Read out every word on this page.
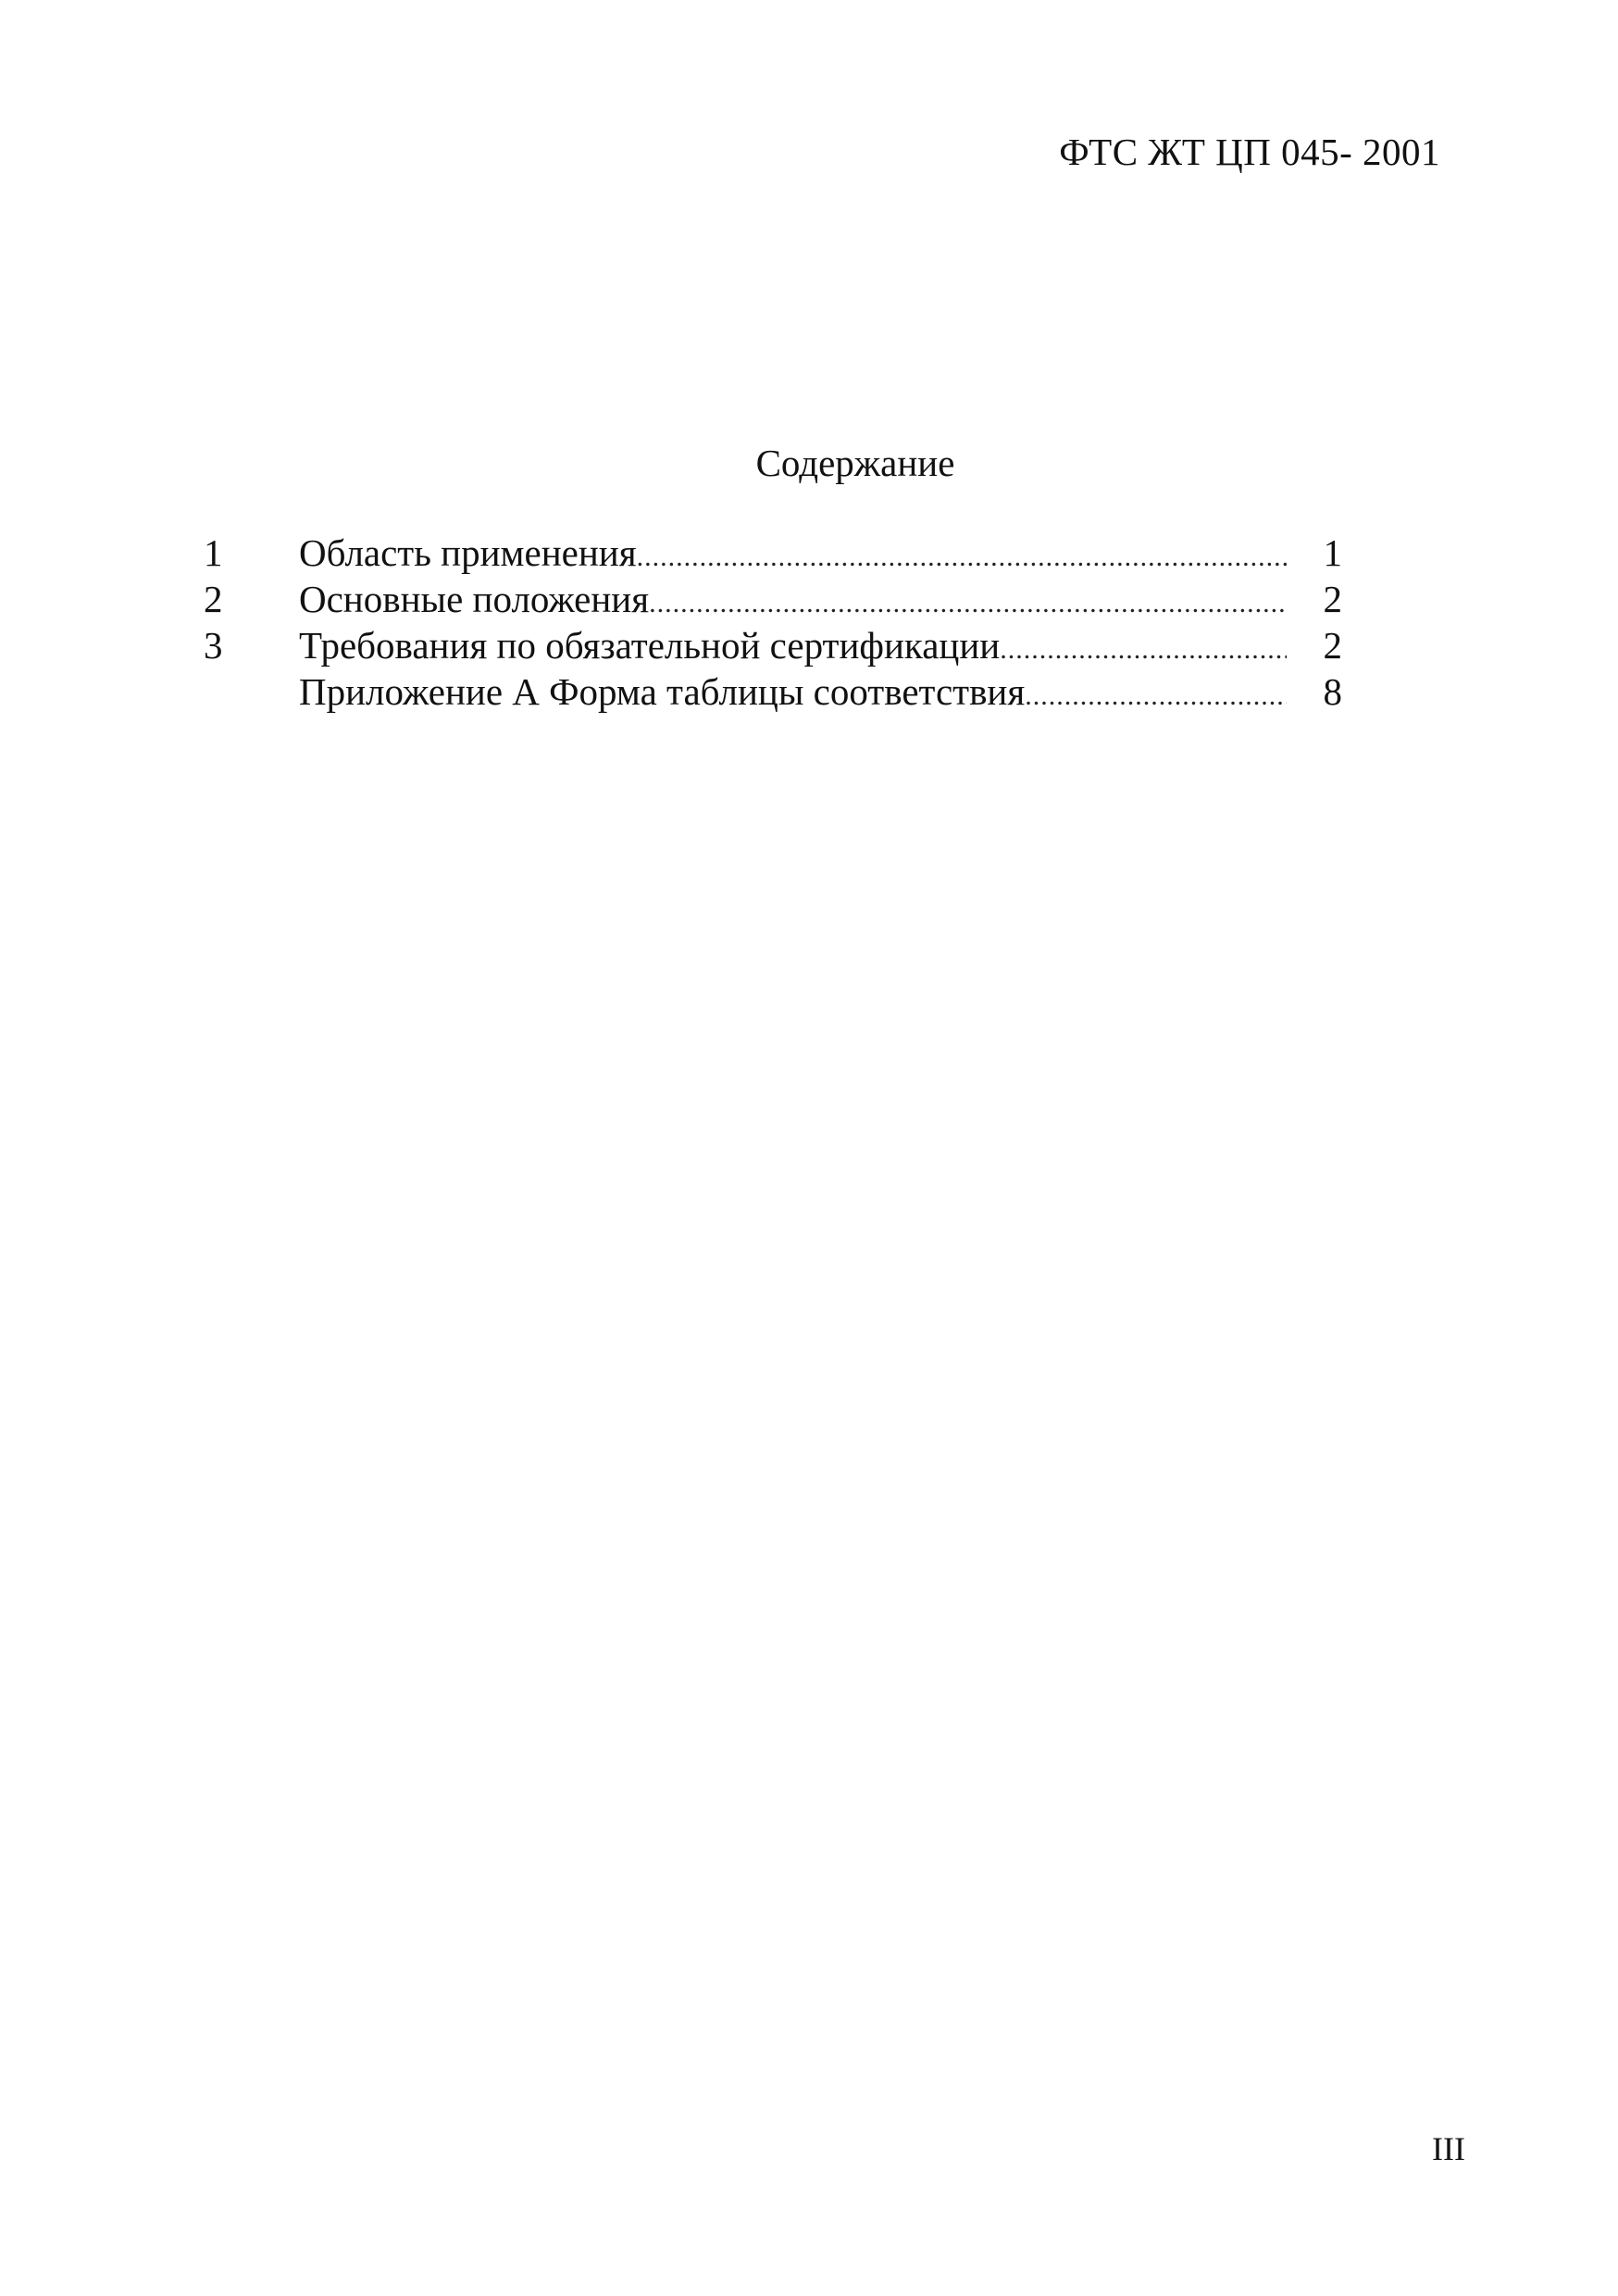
ФТС ЖТ ЦП 045- 2001
Содержание
1	Область применения .....	1
2	Основные положения .....	2
3	Требования по обязательной сертификации .....	2
Приложение А Форма таблицы соответствия .....	8
III
